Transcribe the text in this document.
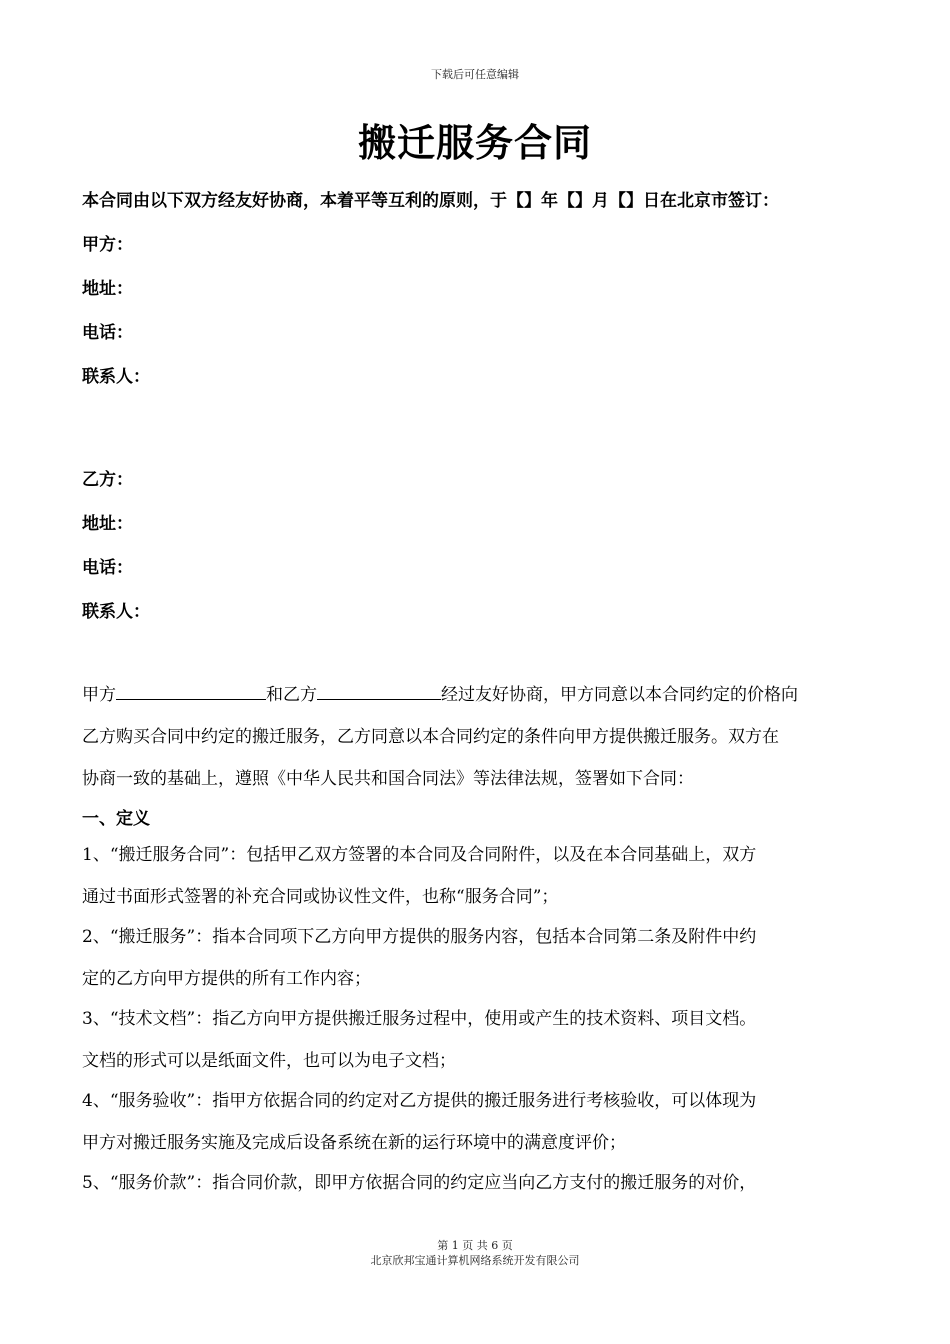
下载后可任意编辑
搬迁服务合同
本合同由以下双方经友好协商，本着平等互利的原则，于【】年【】月【】日在北京市签订：
甲方：
地址：
电话：
联系人：
乙方：
地址：
电话：
联系人：
甲方	和乙方	经过友好协商，甲方同意以本合同约定的价格向
乙方购买合同中约定的搬迁服务，乙方同意以本合同约定的条件向甲方提供搬迁服务。双方在
协商一致的基础上，遵照《中华人民共和国合同法》等法律法规，签署如下合同：
一、定义
1、“搬迁服务合同”：包括甲乙双方签署的本合同及合同附件，以及在本合同基础上，双方
通过书面形式签署的补充合同或协议性文件，也称“服务合同”；
2、“搬迁服务”：指本合同项下乙方向甲方提供的服务内容，包括本合同第二条及附件中约
定的乙方向甲方提供的所有工作内容；
3、“技术文档”：指乙方向甲方提供搬迁服务过程中，使用或产生的技术资料、项目文档。
文档的形式可以是纸面文件，也可以为电子文档；
4、“服务验收”：指甲方依据合同的约定对乙方提供的搬迁服务进行考核验收，可以体现为
甲方对搬迁服务实施及完成后设备系统在新的运行环境中的满意度评价；
5、“服务价款”：指合同价款，即甲方依据合同的约定应当向乙方支付的搬迁服务的对价，
第 1 页 共 6 页
北京欣邦宝通计算机网络系统开发有限公司
